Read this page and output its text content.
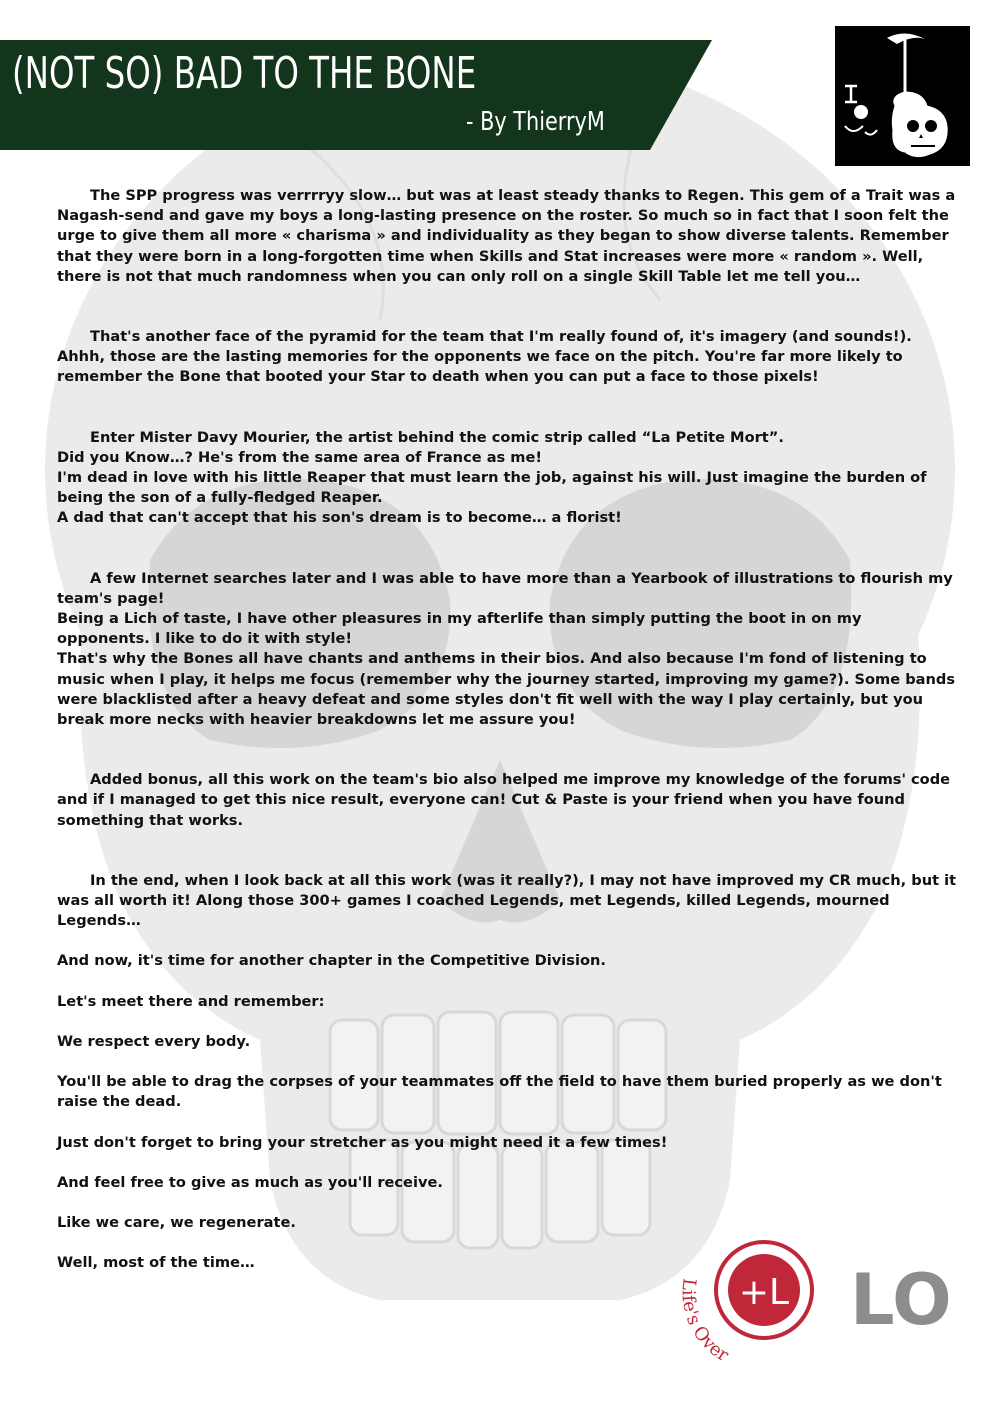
(NOT SO) BAD TO THE BONE
- By ThierryM

The SPP progress was verrrryy slow… but was at least steady thanks to Regen. This gem of a Trait was a Nagash-send and gave my boys a long-lasting presence on the roster. So much so in fact that I soon felt the urge to give them all more « charisma » and individuality as they began to show diverse talents. Remember that they were born in a long-forgotten time when Skills and Stat increases were more « random ». Well, there is not that much randomness when you can only roll on a single Skill Table let me tell you…

That's another face of the pyramid for the team that I'm really found of, it's imagery (and sounds!). Ahhh, those are the lasting memories for the opponents we face on the pitch. You're far more likely to remember the Bone that booted your Star to death when you can put a face to those pixels!

Enter Mister Davy Mourier, the artist behind the comic strip called “La Petite Mort”.
Did you Know…? He's from the same area of France as me!
I'm dead in love with his little Reaper that must learn the job, against his will. Just imagine the burden of being the son of a fully-fledged Reaper.
A dad that can't accept that his son's dream is to become… a florist!

A few Internet searches later and I was able to have more than a Yearbook of illustrations to flourish my team's page!
Being a Lich of taste, I have other pleasures in my afterlife than simply putting the boot in on my opponents. I like to do it with style!
That's why the Bones all have chants and anthems in their bios. And also because I'm fond of listening to music when I play, it helps me focus (remember why the journey started, improving my game?). Some bands were blacklisted after a heavy defeat and some styles don't fit well with the way I play certainly, but you break more necks with heavier breakdowns let me assure you!

Added bonus, all this work on the team's bio also helped me improve my knowledge of the forums' code and if I managed to get this nice result, everyone can! Cut & Paste is your friend when you have found something that works.

In the end, when I look back at all this work (was it really?), I may not have improved my CR much, but it was all worth it! Along those 300+ games I coached Legends, met Legends, killed Legends, mourned Legends…

And now, it's time for another chapter in the Competitive Division.

Let's meet there and remember:

We respect every body.

You'll be able to drag the corpses of your teammates off the field to have them buried properly as we don't raise the dead.

Just don't forget to bring your stretcher as you might need it a few times!

And feel free to give as much as you'll receive.

Like we care, we regenerate.

Well, most of the time…

+L
Life's Over
LO
